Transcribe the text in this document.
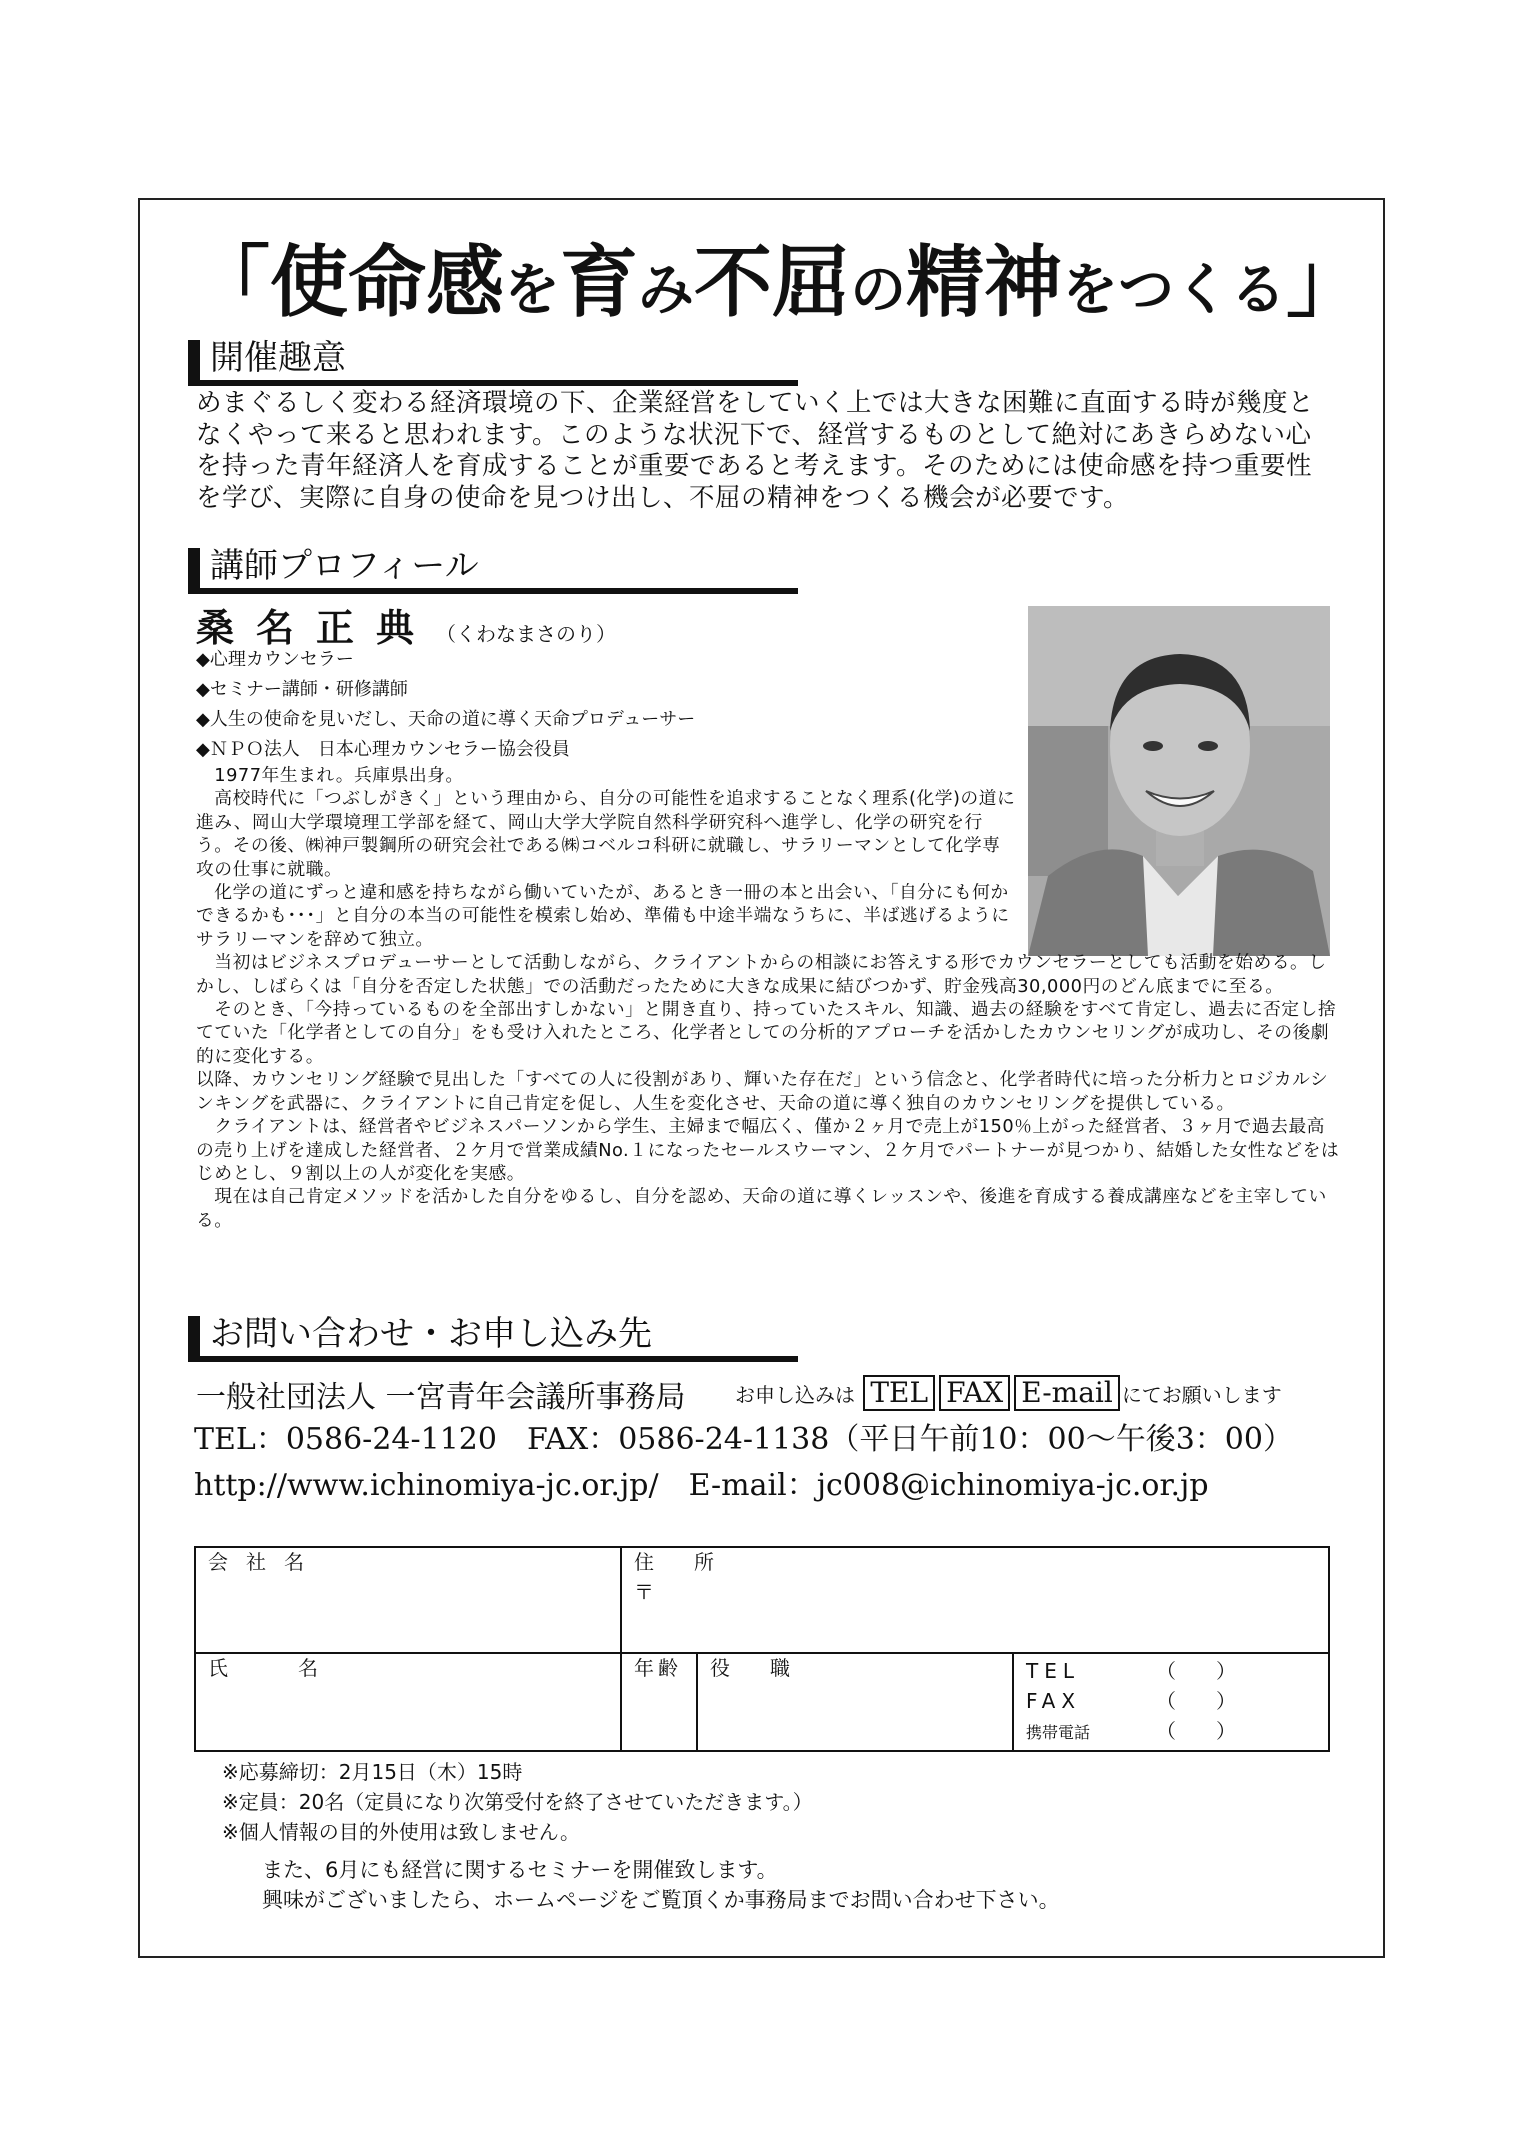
「使命感を育み不屈の精神をつくる」
開催趣意
めまぐるしく変わる経済環境の下、企業経営をしていく上では大きな困難に直面する時が幾度となくやって来ると思われます。このような状況下で、経営するものとして絶対にあきらめない心を持った青年経済人を育成することが重要であると考えます。そのためには使命感を持つ重要性を学び、実際に自身の使命を見つけ出し、不屈の精神をつくる機会が必要です。
講師プロフィール
桑名正典（くわなまさのり）
◆心理カウンセラー
◆セミナー講師・研修講師
◆人生の使命を見いだし、天命の道に導く天命プロデューサー
◆ＮＰＯ法人　日本心理カウンセラー協会役員

　1977年生まれ。兵庫県出身。

　高校時代に「つぶしがきく」という理由から、自分の可能性を追求することなく理系(化学)の道に進み、岡山大学環境理工学部を経て、岡山大学大学院自然科学研究科へ進学し、化学の研究を行う。その後、㈱神戸製鋼所の研究会社である㈱コベルコ科研に就職し、サラリーマンとして化学専攻の仕事に就職。

　化学の道にずっと違和感を持ちながら働いていたが、あるとき一冊の本と出会い、「自分にも何かできるかも･･･」と自分の本当の可能性を模索し始め、準備も中途半端なうちに、半ば逃げるようにサラリーマンを辞めて独立。

　当初はビジネスプロデューサーとして活動しながら、クライアントからの相談にお答えする形でカウンセラーとしても活動を始める。しかし、しばらくは「自分を否定した状態」での活動だったために大きな成果に結びつかず、貯金残高30,000円のどん底までに至る。

　そのとき、「今持っているものを全部出すしかない」と開き直り、持っていたスキル、知識、過去の経験をすべて肯定し、過去に否定し捨てていた「化学者としての自分」をも受け入れたところ、化学者としての分析的アプローチを活かしたカウンセリングが成功し、その後劇的に変化する。

以降、カウンセリング経験で見出した「すべての人に役割があり、輝いた存在だ」という信念と、化学者時代に培った分析力とロジカルシンキングを武器に、クライアントに自己肯定を促し、人生を変化させ、天命の道に導く独自のカウンセリングを提供している。

　クライアントは、経営者やビジネスパーソンから学生、主婦まで幅広く、僅か２ヶ月で売上が150％上がった経営者、３ヶ月で過去最高の売り上げを達成した経営者、２ケ月で営業成績No.１になったセールスウーマン、２ケ月でパートナーが見つかり、結婚した女性などをはじめとし、９割以上の人が変化を実感。

　現在は自己肯定メソッドを活かした自分をゆるし、自分を認め、天命の道に導くレッスンや、後進を育成する養成講座などを主宰している。

お問い合わせ・お申し込み先
一般社団法人 一宮青年会議所事務局 お申し込みは TEL FAX E-mail にてお願いします
TEL：0586-24-1120　FAX：0586-24-1138（平日午前10：00～午後3：00）
http://www.ichinomiya-jc.or.jp/　 E-mail：jc008@ichinomiya-jc.or.jp
会社名	住所
〒		

氏名	年齢	役職	TEL （　　）
FAX （　　）
携帯電話 （　　）
※応募締切：2月15日（木）15時
※定員：20名（定員になり次第受付を終了させていただきます。）
※個人情報の目的外使用は致しません。
また、6月にも経営に関するセミナーを開催致します。
興味がございましたら、ホームページをご覧頂くか事務局までお問い合わせ下さい。
